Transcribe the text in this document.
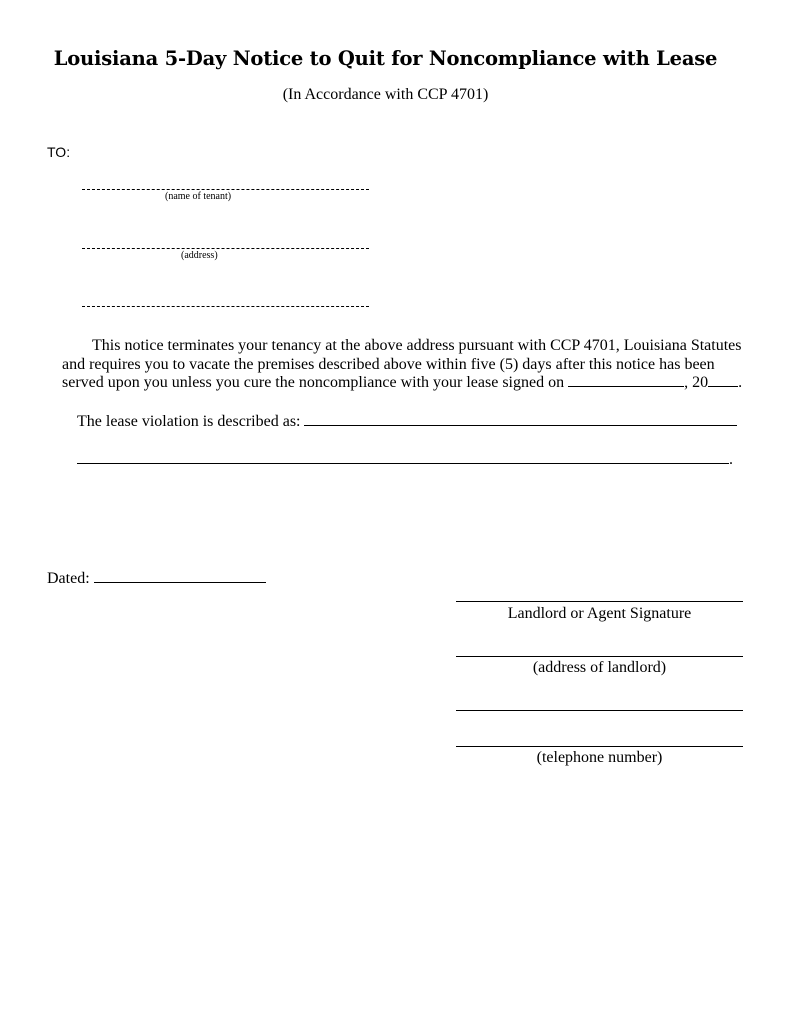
Louisiana 5-Day Notice to Quit for Noncompliance with Lease
(In Accordance with CCP 4701)
TO:
(name of tenant)
(address)
This notice terminates your tenancy at the above address pursuant with CCP 4701, Louisiana Statutes
and requires you to vacate the premises described above within five (5) days after this notice has been
served upon you unless you cure the noncompliance with your lease signed on	, 20 .
The lease violation is described as:
.
Dated:
Landlord or Agent Signature
(address of landlord)
(telephone number)
